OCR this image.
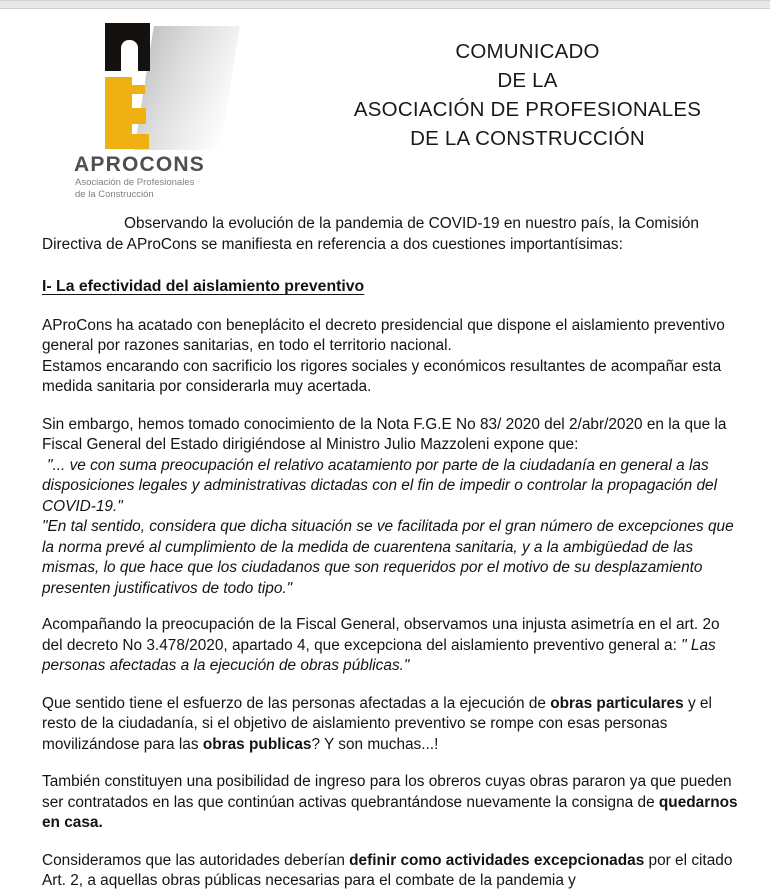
APROCONS
Asociación de Profesionales
de la Construcción
COMUNICADO
DE LA
ASOCIACIÓN DE PROFESIONALES
DE LA CONSTRUCCIÓN

Observando la evolución de la pandemia de COVID-19 en nuestro país, la Comisión Directiva de AProCons se manifiesta en referencia a dos cuestiones importantísimas:

I- La efectividad del aislamiento preventivo

AProCons ha acatado con beneplácito el decreto presidencial que dispone el aislamiento preventivo general por razones sanitarias, en todo el territorio nacional.

Estamos encarando con sacrificio los rigores sociales y económicos resultantes de acompañar esta medida sanitaria por considerarla muy acertada.

Sin embargo, hemos tomado conocimiento de la Nota F.G.E No 83/ 2020 del 2/abr/2020 en la que la Fiscal General del Estado dirigiéndose al Ministro Julio Mazzoleni expone que:

"... ve con suma preocupación el relativo acatamiento por parte de la ciudadanía en general a las disposiciones legales y administrativas dictadas con el fin de impedir o controlar la propagación del COVID-19."

"En tal sentido, considera que dicha situación se ve facilitada por el gran número de excepciones que la norma prevé al cumplimiento de la medida de cuarentena sanitaria, y a la ambigüedad de las mismas, lo que hace que los ciudadanos que son requeridos por el motivo de su desplazamiento presenten justificativos de todo tipo."

Acompañando la preocupación de la Fiscal General, observamos una injusta asimetría en el art. 2o del decreto No 3.478/2020, apartado 4, que excepciona del aislamiento preventivo general a: " Las personas afectadas a la ejecución de obras públicas."

Que sentido tiene el esfuerzo de las personas afectadas a la ejecución de obras particulares y el resto de la ciudadanía, si el objetivo de aislamiento preventivo se rompe con esas personas movilizándose para las obras publicas? Y son muchas...!

También constituyen una posibilidad de ingreso para los obreros cuyas obras pararon ya que pueden ser contratados en las que continúan activas quebrantándose nuevamente la consigna de quedarnos en casa.

Consideramos que las autoridades deberían definir como actividades excepcionadas por el citado Art. 2, a aquellas obras públicas necesarias para el combate de la pandemia y
